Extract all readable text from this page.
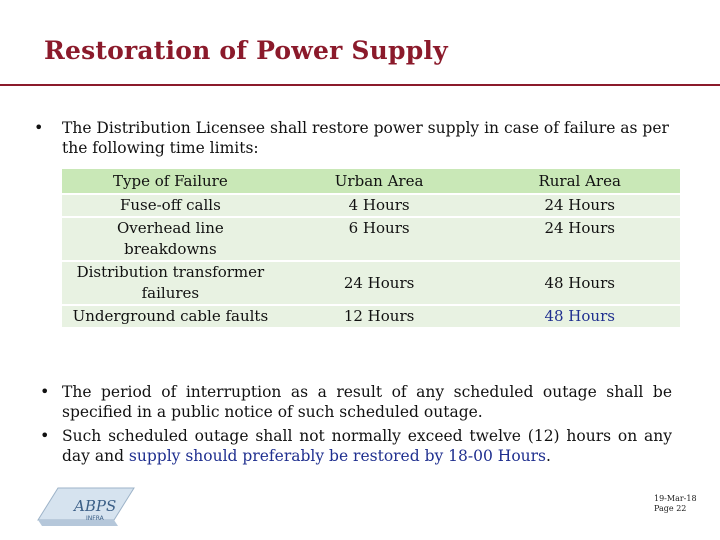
Restoration of Power Supply
• The Distribution Licensee shall restore power supply in case of failure as per the following time limits:
Type of Failure	Urban Area	Rural Area
Fuse-off calls	4 Hours	24 Hours
Overhead line breakdowns	6 Hours	24 Hours
Distribution transformer failures	24 Hours	48 Hours
Underground cable faults	12 Hours	48 Hours
• The period of interruption as a result of any scheduled outage shall be specified in a public notice of such scheduled outage.
• Such scheduled outage shall not normally exceed twelve (12) hours on any day and supply should preferably be restored by 18-00 Hours.
ABPS
INFRA
19-Mar-18
Page 22
